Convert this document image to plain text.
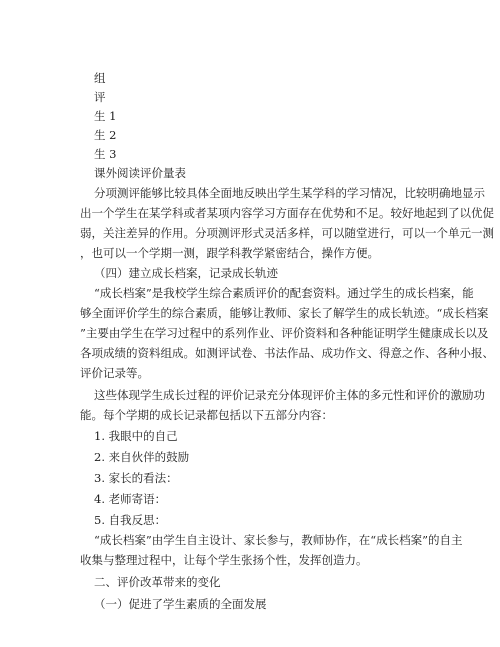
组
评
生 1
生 2
生 3
课外阅读评价量表
分项测评能够比较具体全面地反映出学生某学科的学习情况，比较明确地显示
出一个学生在某学科或者某项内容学习方面存在优势和不足。较好地起到了以优促
弱，关注差异的作用。分项测评形式灵活多样，可以随堂进行，可以一个单元一测
，也可以一个学期一测，跟学科教学紧密结合，操作方便。
（四）建立成长档案，记录成长轨迹
“成长档案”是我校学生综合素质评价的配套资料。通过学生的成长档案，能
够全面评价学生的综合素质，能够让教师、家长了解学生的成长轨迹。“成长档案
”主要由学生在学习过程中的系列作业、评价资料和各种能证明学生健康成长以及
各项成绩的资料组成。如测评试卷、书法作品、成功作文、得意之作、各种小报、
评价记录等。
这些体现学生成长过程的评价记录充分体现评价主体的多元性和评价的激励功
能。每个学期的成长记录都包括以下五部分内容：
1. 我眼中的自己
2. 来自伙伴的鼓励
3. 家长的看法：
4. 老师寄语：
5. 自我反思：
“成长档案”由学生自主设计、家长参与，教师协作，在“成长档案”的自主
收集与整理过程中，让每个学生张扬个性，发挥创造力。
二、评价改革带来的变化
（一）促进了学生素质的全面发展
